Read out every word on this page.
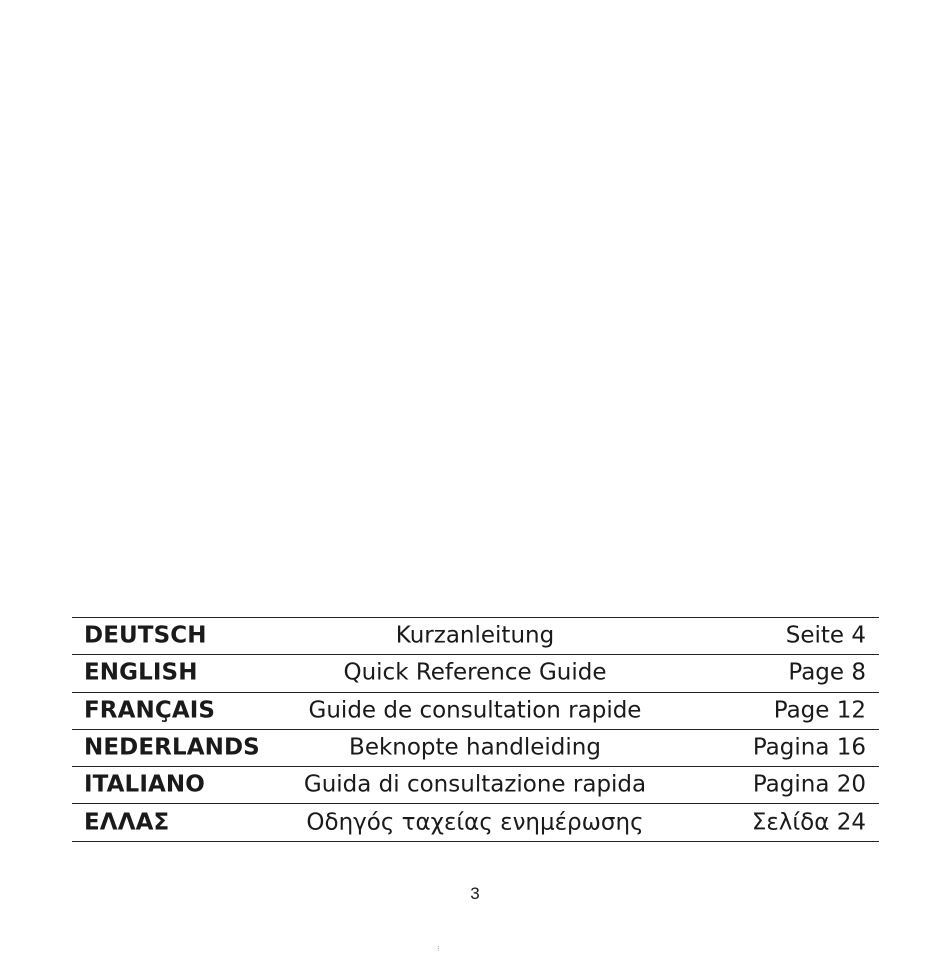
DEUTSCH	Kurzanleitung	Seite 4
ENGLISH	Quick Reference Guide	Page 8
FRANÇAIS	Guide de consultation rapide	Page 12
NEDERLANDS	Beknopte handleiding	Pagina 16
ITALIANO	Guida di consultazione rapida	Pagina 20
ΕΛΛΑΣ	Οδηγός ταχείας ενημέρωσης	Σελίδα 24
3
⁝
